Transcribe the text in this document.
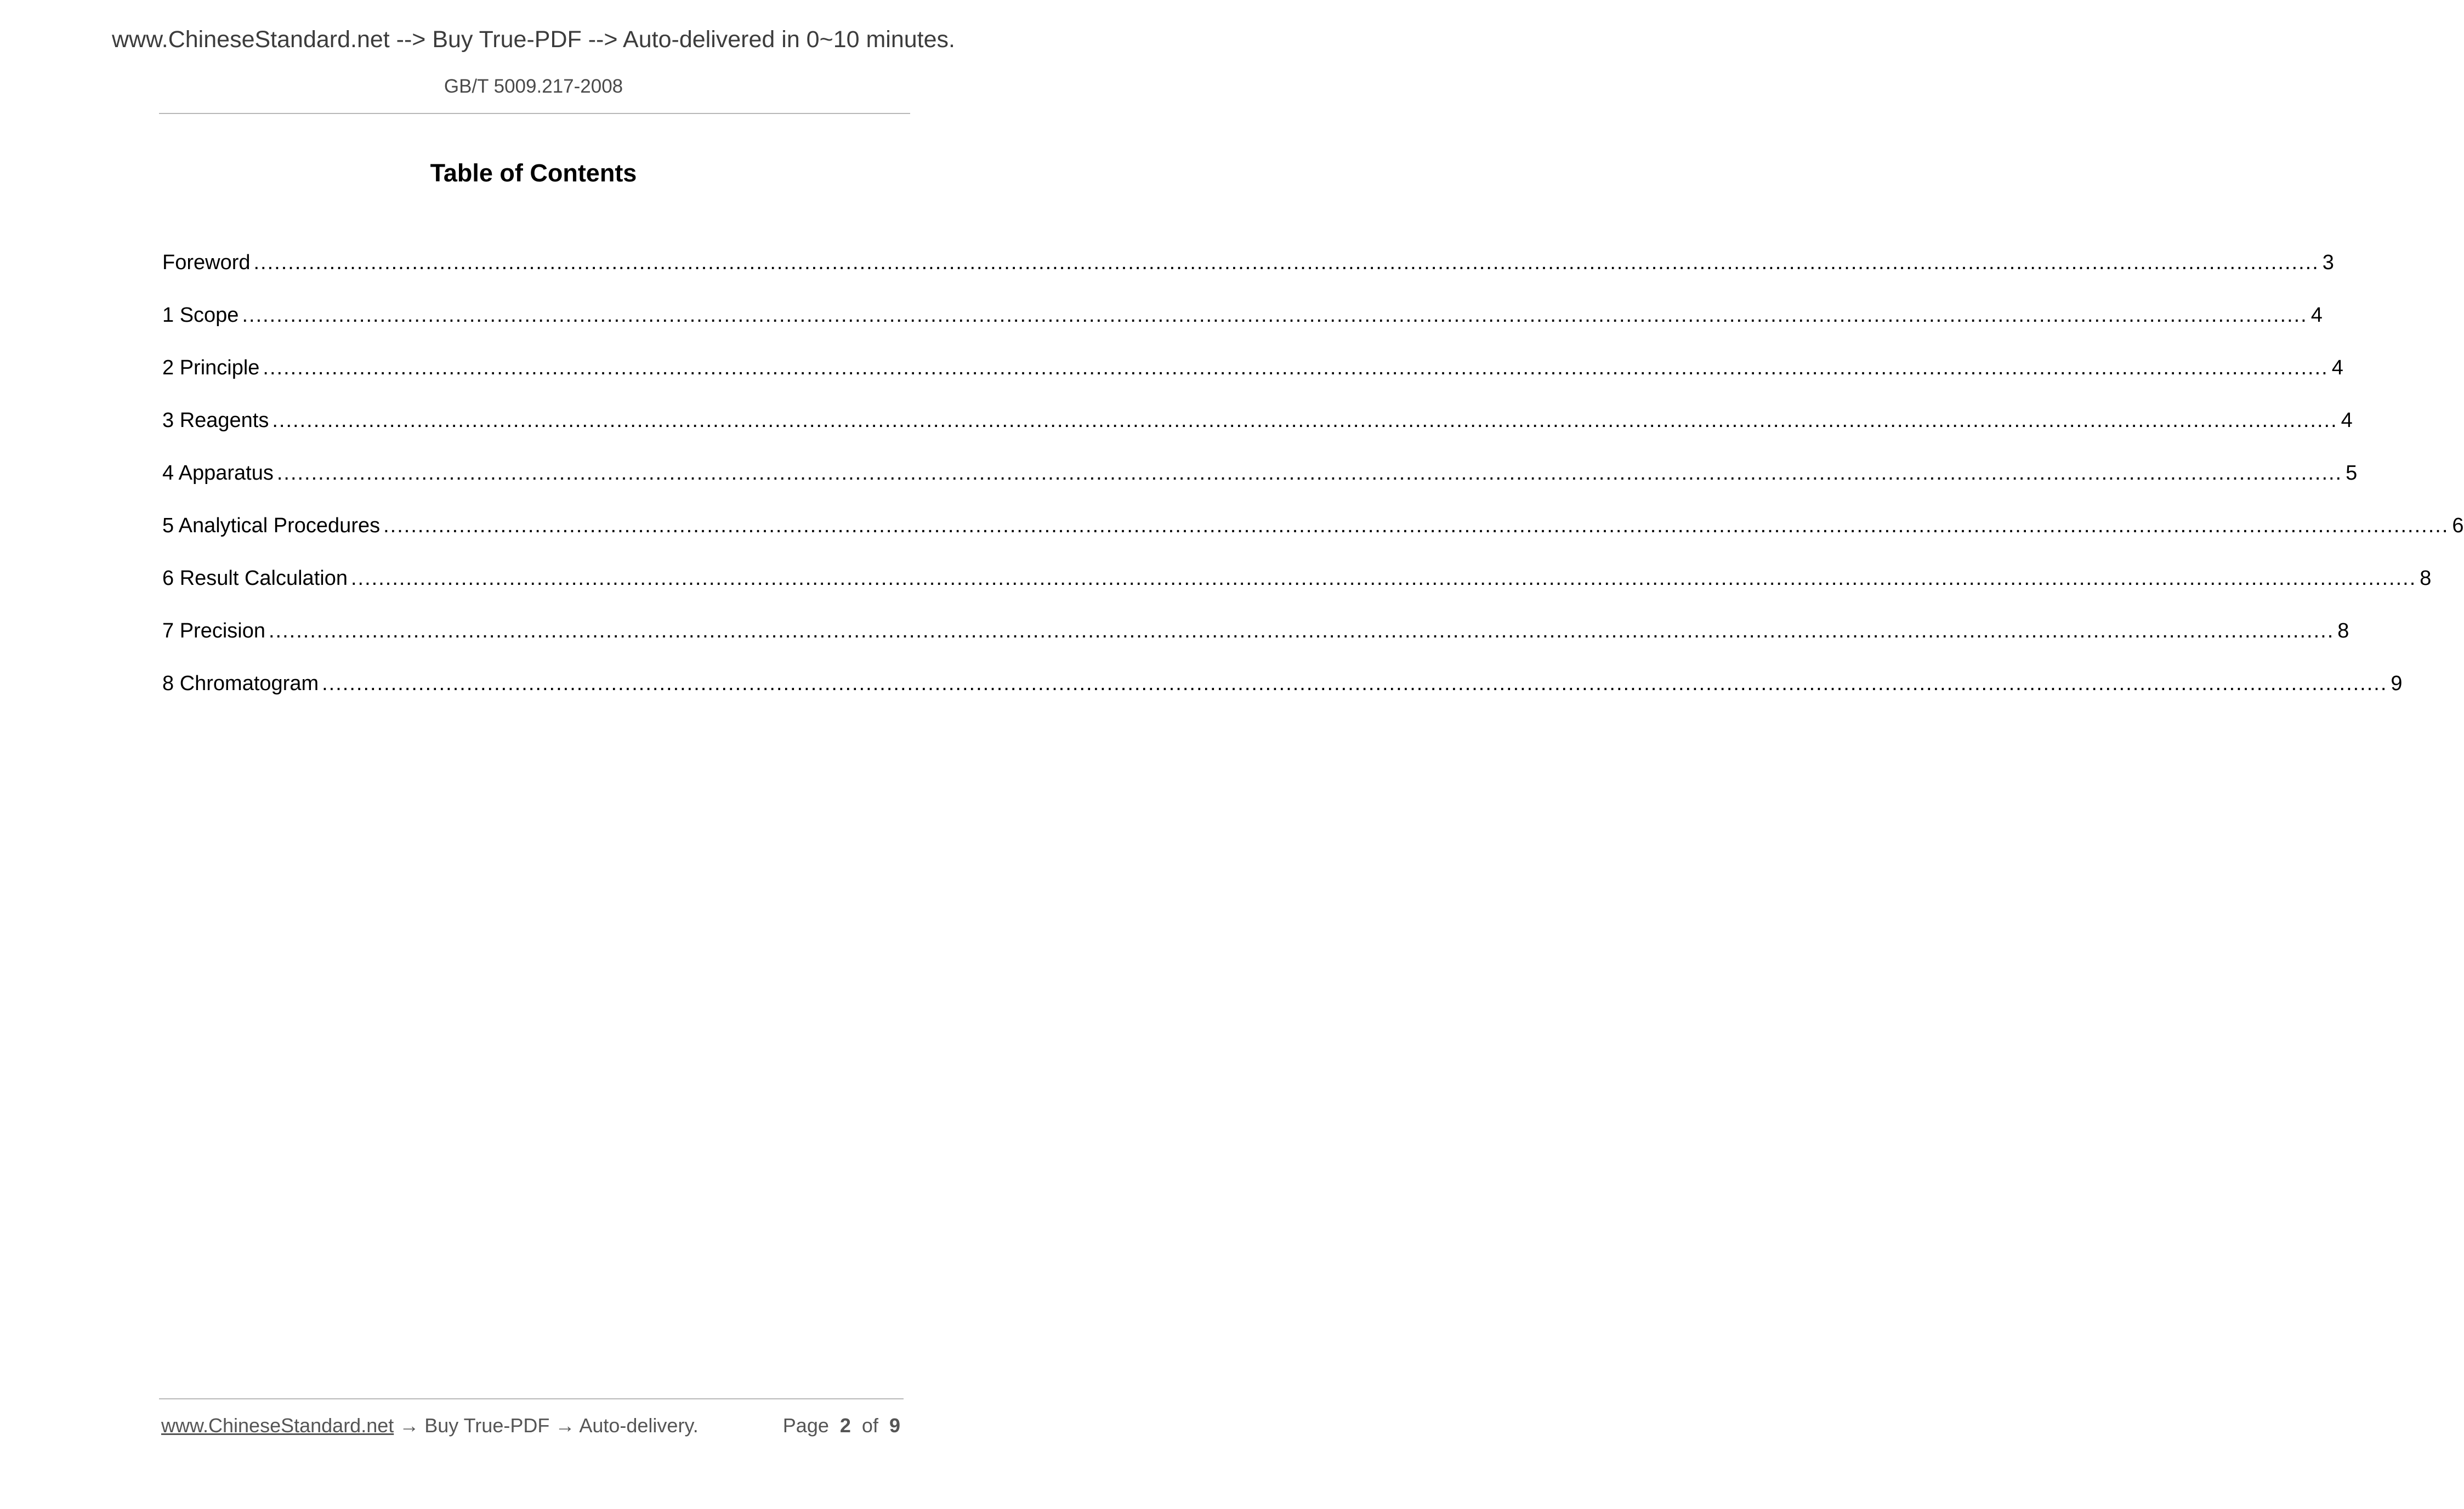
www.ChineseStandard.net --> Buy True-PDF --> Auto-delivered in 0~10 minutes.
GB/T 5009.217-2008
Table of Contents
Foreword ............................................................................................................................................................................................................................................................................................................ 3
1 Scope ............................................................................................................................................................................................................................................................................................................ 4
2 Principle ............................................................................................................................................................................................................................................................................................................ 4
3 Reagents ............................................................................................................................................................................................................................................................................................................ 4
4 Apparatus ............................................................................................................................................................................................................................................................................................................ 5
5 Analytical Procedures ............................................................................................................................................................................................................................................................................................................ 6
6 Result Calculation ............................................................................................................................................................................................................................................................................................................ 8
7 Precision ............................................................................................................................................................................................................................................................................................................ 8
8 Chromatogram ............................................................................................................................................................................................................................................................................................................ 9
www.ChineseStandard.net → Buy True-PDF → Auto-delivery.	Page 2 of 9
